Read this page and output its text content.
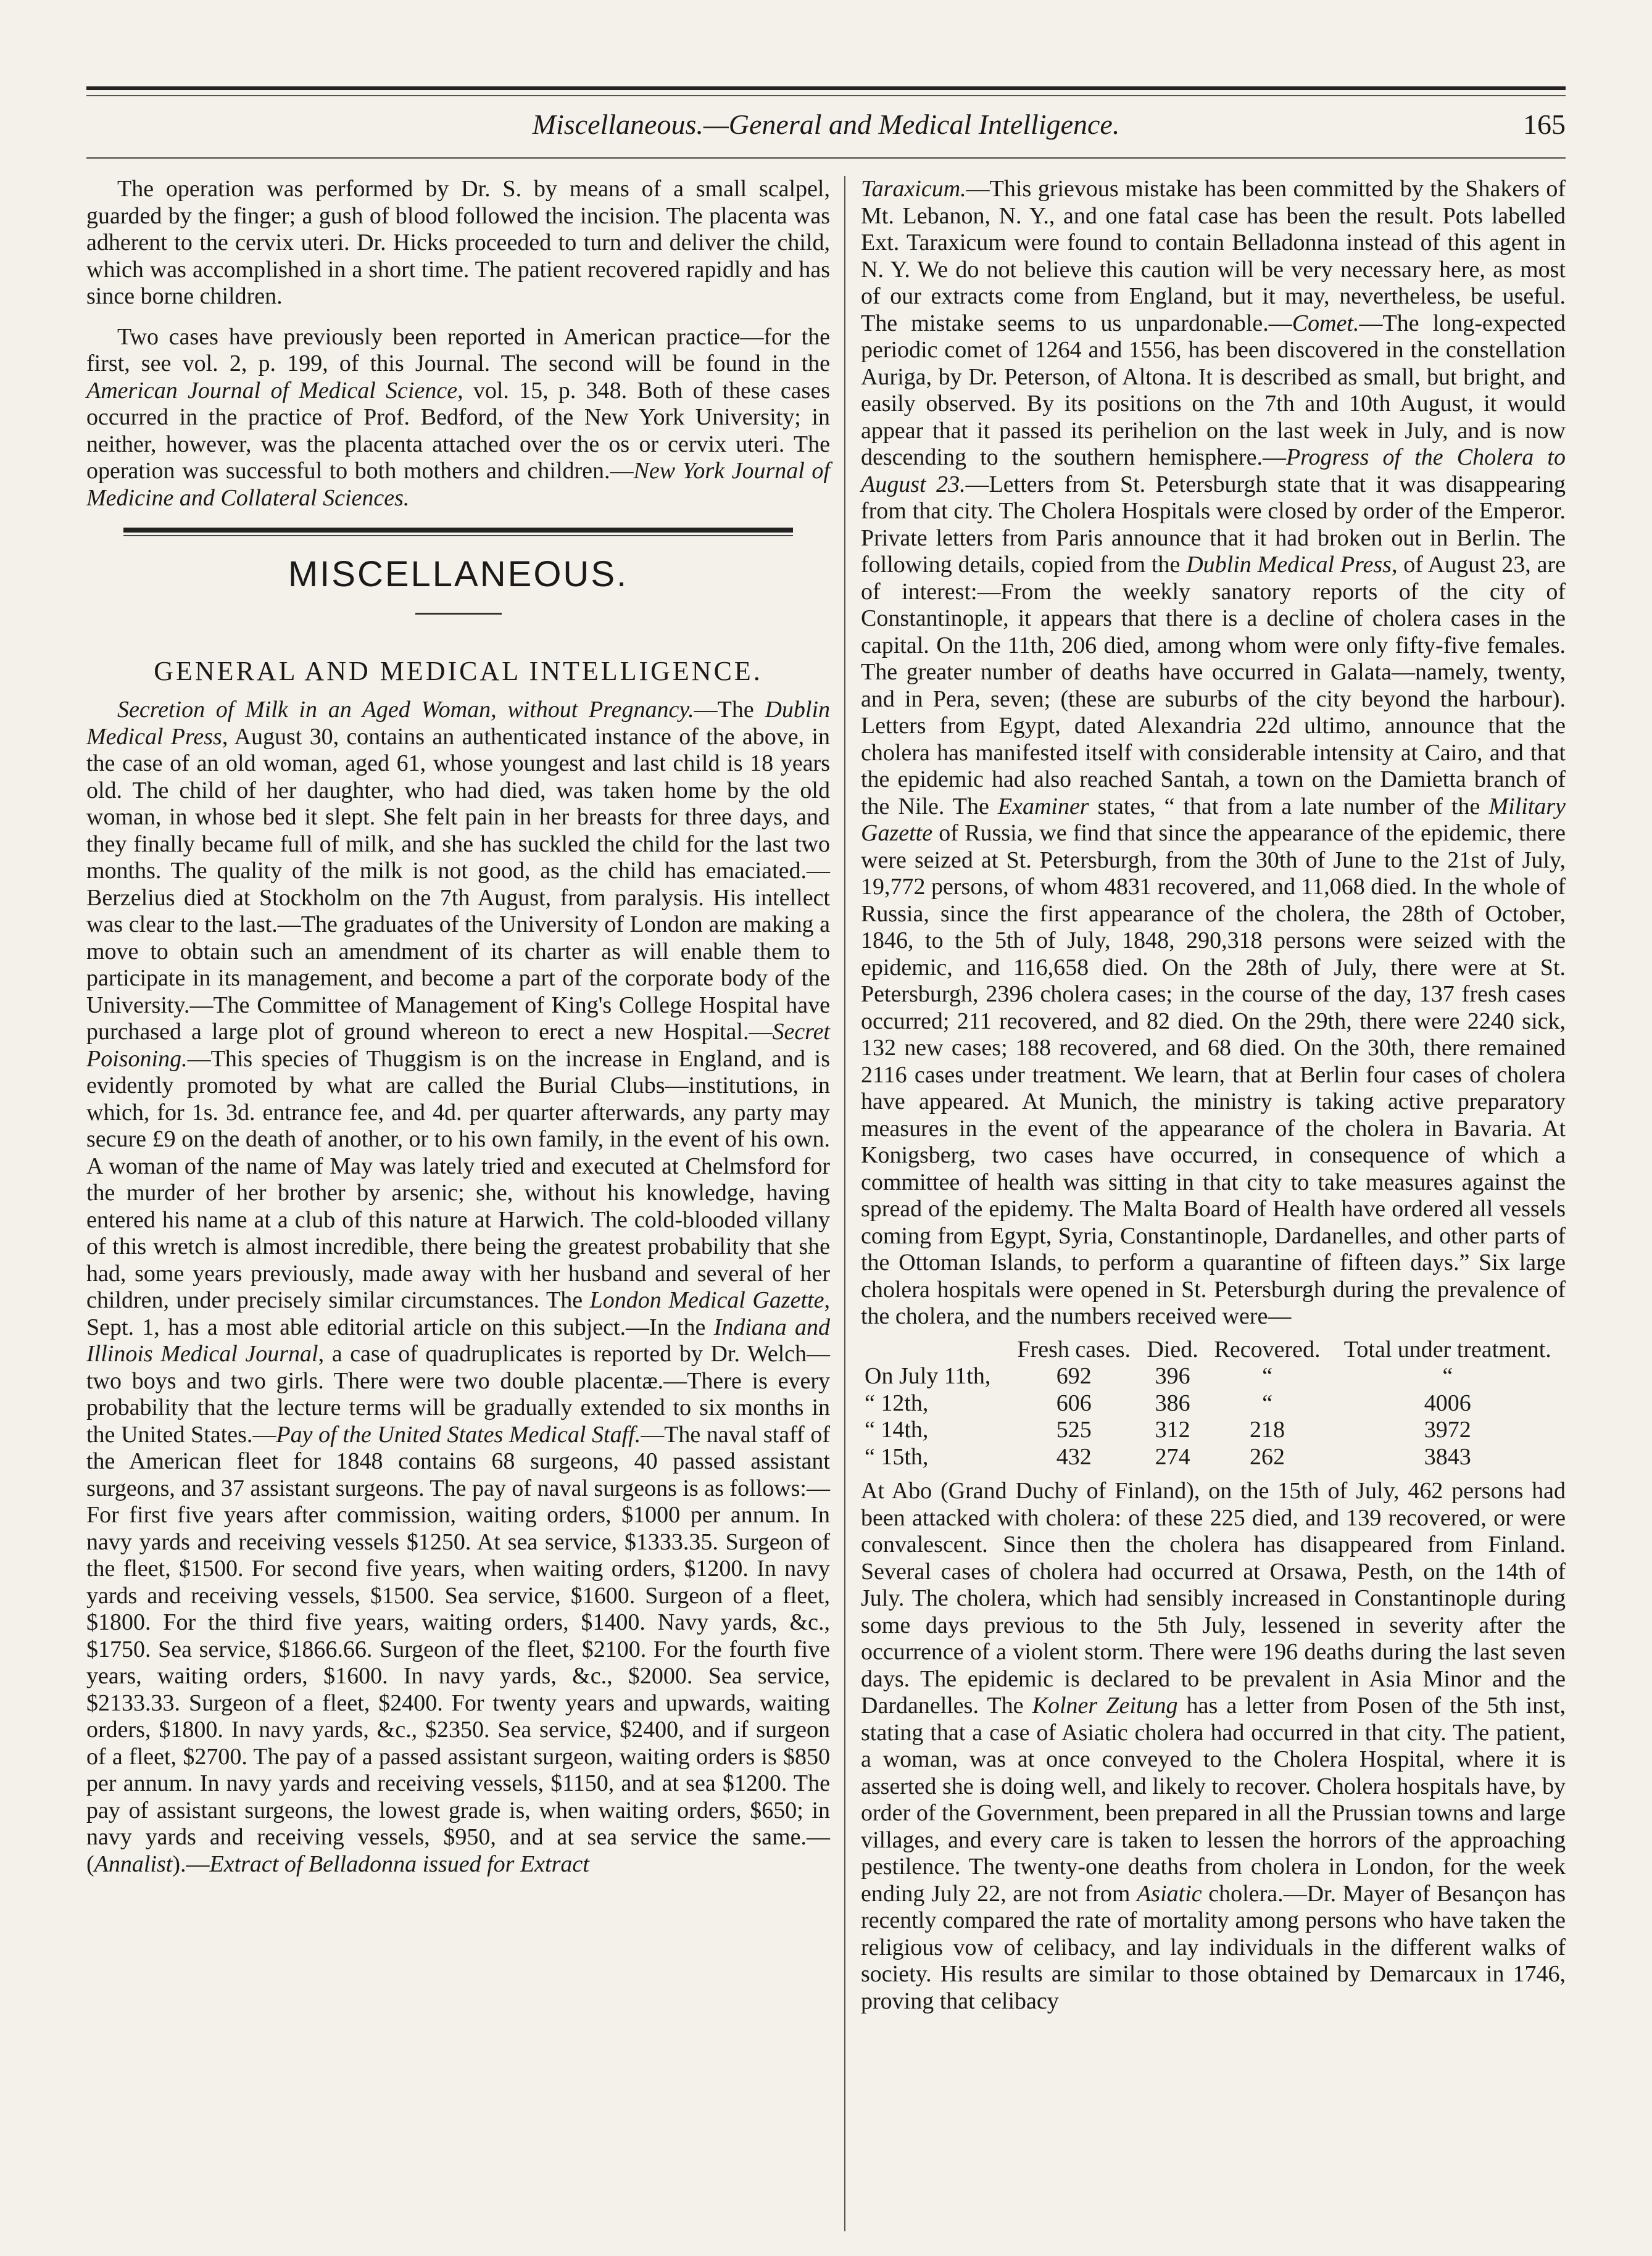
Miscellaneous.—General and Medical Intelligence.	165

The operation was performed by Dr. S. by means of a small scalpel, guarded by the finger; a gush of blood followed the incision. The placenta was adherent to the cervix uteri. Dr. Hicks proceeded to turn and deliver the child, which was accomplished in a short time. The patient recovered rapidly and has since borne children.

Two cases have previously been reported in American practice—for the first, see vol. 2, p. 199, of this Journal. The second will be found in the American Journal of Medical Science, vol. 15, p. 348. Both of these cases occurred in the practice of Prof. Bedford, of the New York University; in neither, however, was the placenta attached over the os or cervix uteri. The operation was successful to both mothers and children.—New York Journal of Medicine and Collateral Sciences.

MISCELLANEOUS.
GENERAL AND MEDICAL INTELLIGENCE.

Secretion of Milk in an Aged Woman, without Pregnancy.—The Dublin Medical Press, August 30, contains an authenticated instance of the above, in the case of an old woman, aged 61, whose youngest and last child is 18 years old. The child of her daughter, who had died, was taken home by the old woman, in whose bed it slept. She felt pain in her breasts for three days, and they finally became full of milk, and she has suckled the child for the last two months. The quality of the milk is not good, as the child has emaciated.—Berzelius died at Stockholm on the 7th August, from paralysis. His intellect was clear to the last.—The graduates of the University of London are making a move to obtain such an amendment of its charter as will enable them to participate in its management, and become a part of the corporate body of the University.—The Committee of Management of King's College Hospital have purchased a large plot of ground whereon to erect a new Hospital.—Secret Poisoning.—This species of Thuggism is on the increase in England, and is evidently promoted by what are called the Burial Clubs—institutions, in which, for 1s. 3d. entrance fee, and 4d. per quarter afterwards, any party may secure £9 on the death of another, or to his own family, in the event of his own. A woman of the name of May was lately tried and executed at Chelmsford for the murder of her brother by arsenic; she, without his knowledge, having entered his name at a club of this nature at Harwich. The cold-blooded villany of this wretch is almost incredible, there being the greatest probability that she had, some years previously, made away with her husband and several of her children, under precisely similar circumstances. The London Medical Gazette, Sept. 1, has a most able editorial article on this subject.—In the Indiana and Illinois Medical Journal, a case of quadruplicates is reported by Dr. Welch—two boys and two girls. There were two double placentæ.—There is every probability that the lecture terms will be gradually extended to six months in the United States.—Pay of the United States Medical Staff.—The naval staff of the American fleet for 1848 contains 68 surgeons, 40 passed assistant surgeons, and 37 assistant surgeons. The pay of naval surgeons is as follows:—For first five years after commission, waiting orders, $1000 per annum. In navy yards and receiving vessels $1250. At sea service, $1333.35. Surgeon of the fleet, $1500. For second five years, when waiting orders, $1200. In navy yards and receiving vessels, $1500. Sea service, $1600. Surgeon of a fleet, $1800. For the third five years, waiting orders, $1400. Navy yards, &c., $1750. Sea service, $1866.66. Surgeon of the fleet, $2100. For the fourth five years, waiting orders, $1600. In navy yards, &c., $2000. Sea service, $2133.33. Surgeon of a fleet, $2400. For twenty years and upwards, waiting orders, $1800. In navy yards, &c., $2350. Sea service, $2400, and if surgeon of a fleet, $2700. The pay of a passed assistant surgeon, waiting orders is $850 per annum. In navy yards and receiving vessels, $1150, and at sea $1200. The pay of assistant surgeons, the lowest grade is, when waiting orders, $650; in navy yards and receiving vessels, $950, and at sea service the same.—(Annalist).—Extract of Belladonna issued for Extract

Taraxicum.—This grievous mistake has been committed by the Shakers of Mt. Lebanon, N. Y., and one fatal case has been the result. Pots labelled Ext. Taraxicum were found to contain Belladonna instead of this agent in N. Y. We do not believe this caution will be very necessary here, as most of our extracts come from England, but it may, nevertheless, be useful. The mistake seems to us unpardonable.—Comet.—The long-expected periodic comet of 1264 and 1556, has been discovered in the constellation Auriga, by Dr. Peterson, of Altona. It is described as small, but bright, and easily observed. By its positions on the 7th and 10th August, it would appear that it passed its perihelion on the last week in July, and is now descending to the southern hemisphere.—Progress of the Cholera to August 23.—Letters from St. Petersburgh state that it was disappearing from that city. The Cholera Hospitals were closed by order of the Emperor. Private letters from Paris announce that it had broken out in Berlin. The following details, copied from the Dublin Medical Press, of August 23, are of interest:—From the weekly sanatory reports of the city of Constantinople, it appears that there is a decline of cholera cases in the capital. On the 11th, 206 died, among whom were only fifty-five females. The greater number of deaths have occurred in Galata—namely, twenty, and in Pera, seven; (these are suburbs of the city beyond the harbour). Letters from Egypt, dated Alexandria 22d ultimo, announce that the cholera has manifested itself with considerable intensity at Cairo, and that the epidemic had also reached Santah, a town on the Damietta branch of the Nile. The Examiner states, “ that from a late number of the Military Gazette of Russia, we find that since the appearance of the epidemic, there were seized at St. Petersburgh, from the 30th of June to the 21st of July, 19,772 persons, of whom 4831 recovered, and 11,068 died. In the whole of Russia, since the first appearance of the cholera, the 28th of October, 1846, to the 5th of July, 1848, 290,318 persons were seized with the epidemic, and 116,658 died. On the 28th of July, there were at St. Petersburgh, 2396 cholera cases; in the course of the day, 137 fresh cases occurred; 211 recovered, and 82 died. On the 29th, there were 2240 sick, 132 new cases; 188 recovered, and 68 died. On the 30th, there remained 2116 cases under treatment. We learn, that at Berlin four cases of cholera have appeared. At Munich, the ministry is taking active preparatory measures in the event of the appearance of the cholera in Bavaria. At Konigsberg, two cases have occurred, in consequence of which a committee of health was sitting in that city to take measures against the spread of the epidemy. The Malta Board of Health have ordered all vessels coming from Egypt, Syria, Constantinople, Dardanelles, and other parts of the Ottoman Islands, to perform a quarantine of fifteen days.” Six large cholera hospitals were opened in St. Petersburgh during the prevalence of the cholera, and the numbers received were—

	Fresh cases.	Died.	Recovered.	Total under treatment.
On July 11th,	692	396	“	“
“ 12th,	606	386	“	4006
“ 14th,	525	312	218	3972
“ 15th,	432	274	262	3843

At Abo (Grand Duchy of Finland), on the 15th of July, 462 persons had been attacked with cholera: of these 225 died, and 139 recovered, or were convalescent. Since then the cholera has disappeared from Finland. Several cases of cholera had occurred at Orsawa, Pesth, on the 14th of July. The cholera, which had sensibly increased in Constantinople during some days previous to the 5th July, lessened in severity after the occurrence of a violent storm. There were 196 deaths during the last seven days. The epidemic is declared to be prevalent in Asia Minor and the Dardanelles. The Kolner Zeitung has a letter from Posen of the 5th inst, stating that a case of Asiatic cholera had occurred in that city. The patient, a woman, was at once conveyed to the Cholera Hospital, where it is asserted she is doing well, and likely to recover. Cholera hospitals have, by order of the Government, been prepared in all the Prussian towns and large villages, and every care is taken to lessen the horrors of the approaching pestilence. The twenty-one deaths from cholera in London, for the week ending July 22, are not from Asiatic cholera.—Dr. Mayer of Besançon has recently compared the rate of mortality among persons who have taken the religious vow of celibacy, and lay individuals in the different walks of society. His results are similar to those obtained by Demarcaux in 1746, proving that celibacy
